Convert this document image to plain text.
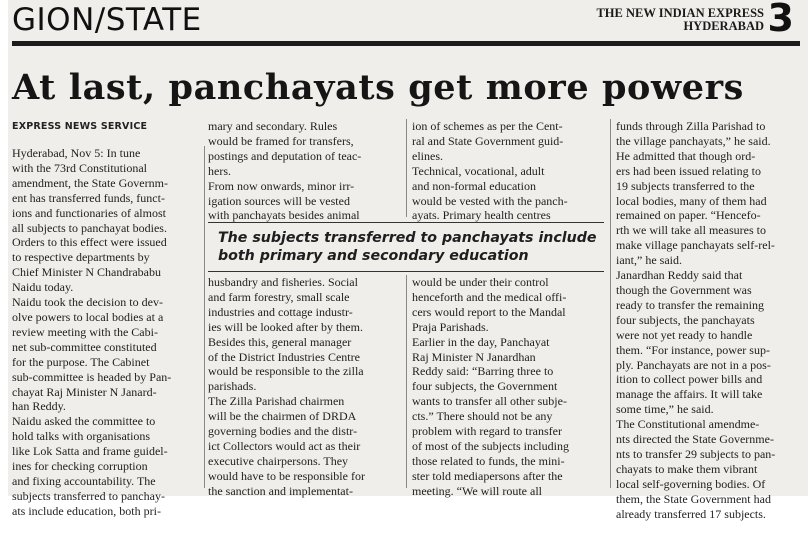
GION/STATE	THE NEW INDIAN EXPRESS
HYDERABAD 3
At last, panchayats get more powers
EXPRESS NEWS SERVICE
Hyderabad, Nov 5: In tune
with the 73rd Constitutional
amendment, the State Governm-
ent has transferred funds, funct-
ions and functionaries of almost
all subjects to panchayat bodies.
Orders to this effect were issued
to respective departments by
Chief Minister N Chandrababu
Naidu today.
Naidu took the decision to dev-
olve powers to local bodies at a
review meeting with the Cabi-
net sub-committee constituted
for the purpose. The Cabinet
sub-committee is headed by Pan-
chayat Raj Minister N Janard-
han Reddy.
Naidu asked the committee to
hold talks with organisations
like Lok Satta and frame guidel-
ines for checking corruption
and fixing accountability. The
subjects transferred to panchay-
ats include education, both pri-
mary and secondary. Rules
would be framed for transfers,
postings and deputation of teac-
hers.
From now onwards, minor irr-
igation sources will be vested
with panchayats besides animal
ion of schemes as per the Cent-
ral and State Government guid-
elines.
Technical, vocational, adult
and non-formal education
would be vested with the panch-
ayats. Primary health centres
The subjects transferred to panchayats include
both primary and secondary education
husbandry and fisheries. Social
and farm forestry, small scale
industries and cottage industr-
ies will be looked after by them.
Besides this, general manager
of the District Industries Centre
would be responsible to the zilla
parishads.
The Zilla Parishad chairmen
will be the chairmen of DRDA
governing bodies and the distr-
ict Collectors would act as their
executive chairpersons. They
would have to be responsible for
the sanction and implementat-
would be under their control
henceforth and the medical offi-
cers would report to the Mandal
Praja Parishads.
Earlier in the day, Panchayat
Raj Minister N Janardhan
Reddy said: “Barring three to
four subjects, the Government
wants to transfer all other subje-
cts.” There should not be any
problem with regard to transfer
of most of the subjects including
those related to funds, the mini-
ster told mediapersons after the
meeting. “We will route all
funds through Zilla Parishad to
the village panchayats,” he said.
He admitted that though ord-
ers had been issued relating to
19 subjects transferred to the
local bodies, many of them had
remained on paper. “Hencefo-
rth we will take all measures to
make village panchayats self-rel-
iant,” he said.
Janardhan Reddy said that
though the Government was
ready to transfer the remaining
four subjects, the panchayats
were not yet ready to handle
them. “For instance, power sup-
ply. Panchayats are not in a pos-
ition to collect power bills and
manage the affairs. It will take
some time,” he said.
The Constitutional amendme-
nts directed the State Governme-
nts to transfer 29 subjects to pan-
chayats to make them vibrant
local self-governing bodies. Of
them, the State Government had
already transferred 17 subjects.
